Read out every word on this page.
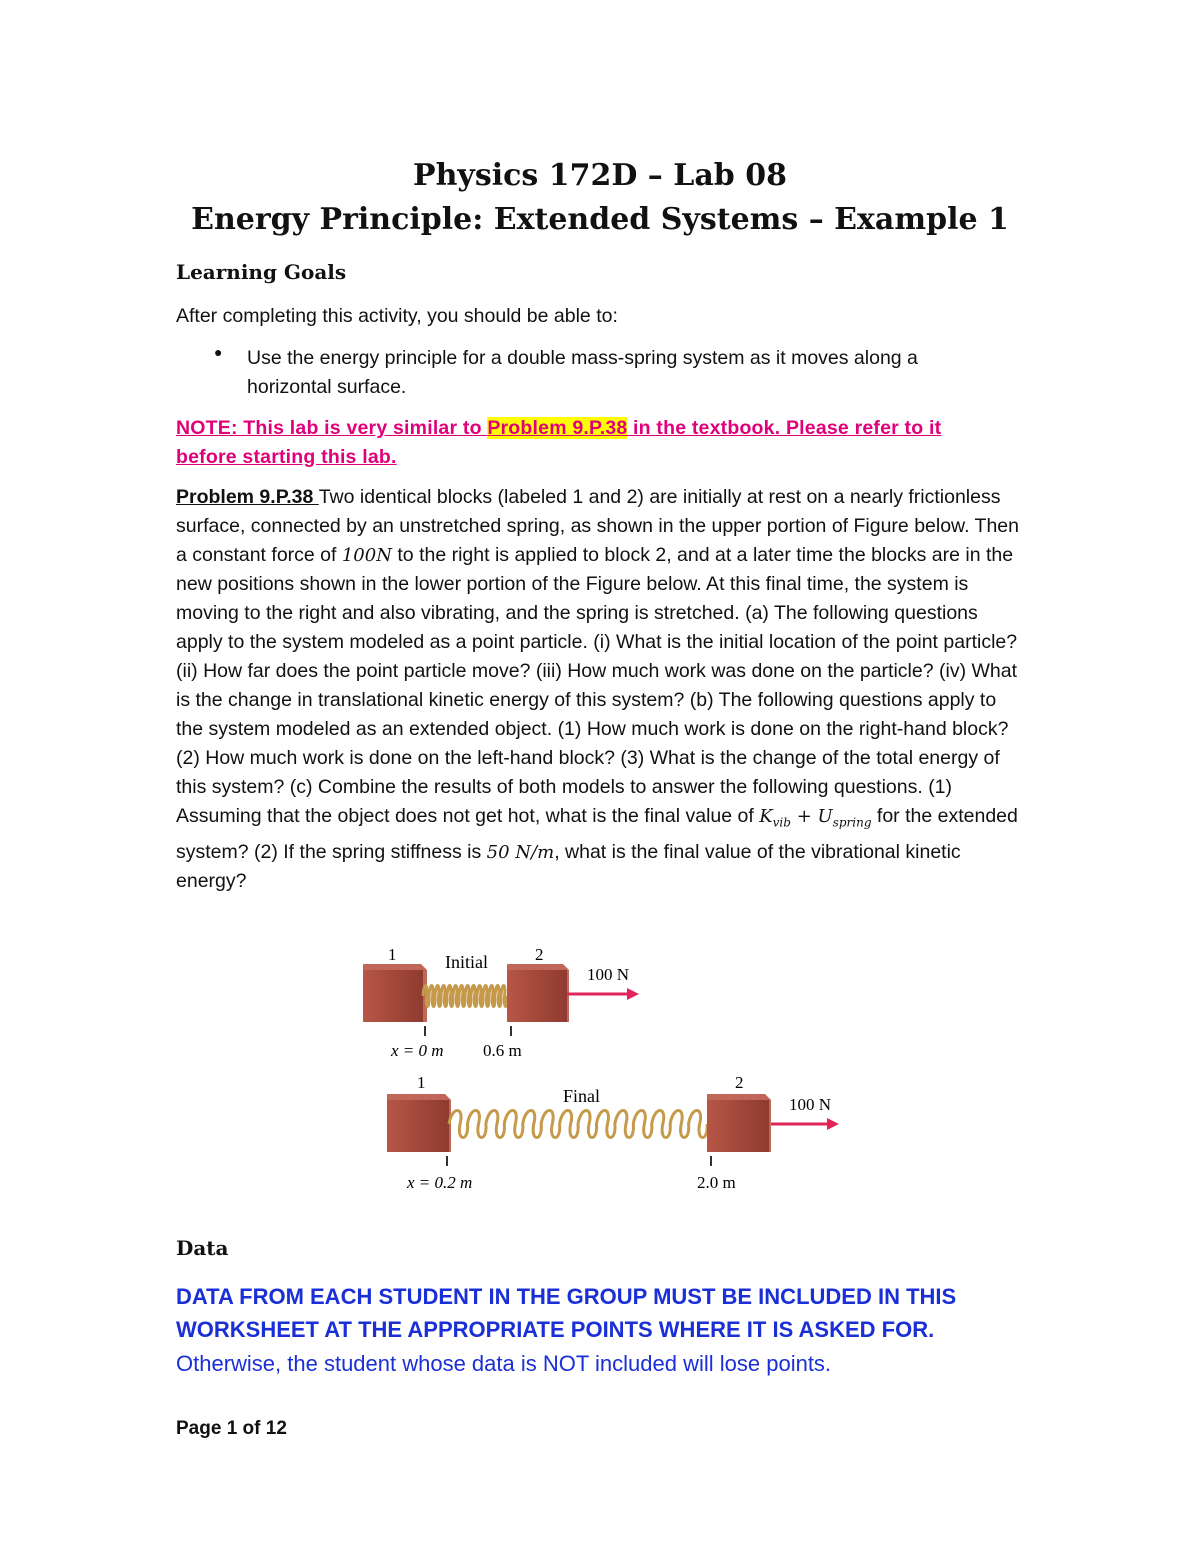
Physics 172D – Lab 08
Energy Principle: Extended Systems – Example 1
Learning Goals

After completing this activity, you should be able to:

● Use the energy principle for a double mass-spring system as it moves along a horizontal surface.

NOTE: This lab is very similar to Problem 9.P.38 in the textbook. Please refer to it before starting this lab.

Problem 9.P.38 Two identical blocks (labeled 1 and 2) are initially at rest on a nearly frictionless surface, connected by an unstretched spring, as shown in the upper portion of Figure below. Then a constant force of 100N to the right is applied to block 2, and at a later time the blocks are in the new positions shown in the lower portion of the Figure below. At this final time, the system is moving to the right and also vibrating, and the spring is stretched. (a) The following questions apply to the system modeled as a point particle. (i) What is the initial location of the point particle? (ii) How far does the point particle move? (iii) How much work was done on the particle? (iv) What is the change in translational kinetic energy of this system? (b) The following questions apply to the system modeled as an extended object. (1) How much work is done on the right-hand block? (2) How much work is done on the left-hand block? (3) What is the change of the total energy of this system? (c) Combine the results of both models to answer the following questions. (1) Assuming that the object does not get hot, what is the final value of $K_{vib} + U_{spring}$ for the extended system? (2) If the spring stiffness is 50 N/m, what is the final value of the vibrational kinetic energy?

1	Initial	2
100 N
x = 0 m 0.6 m
1
Final
2
100 N
x = 0.2 m	2.0 m
Data
DATA FROM EACH STUDENT IN THE GROUP MUST BE INCLUDED IN THIS WORKSHEET AT THE APPROPRIATE POINTS WHERE IT IS ASKED FOR.
Otherwise, the student whose data is NOT included will lose points.
Page 1 of 12
